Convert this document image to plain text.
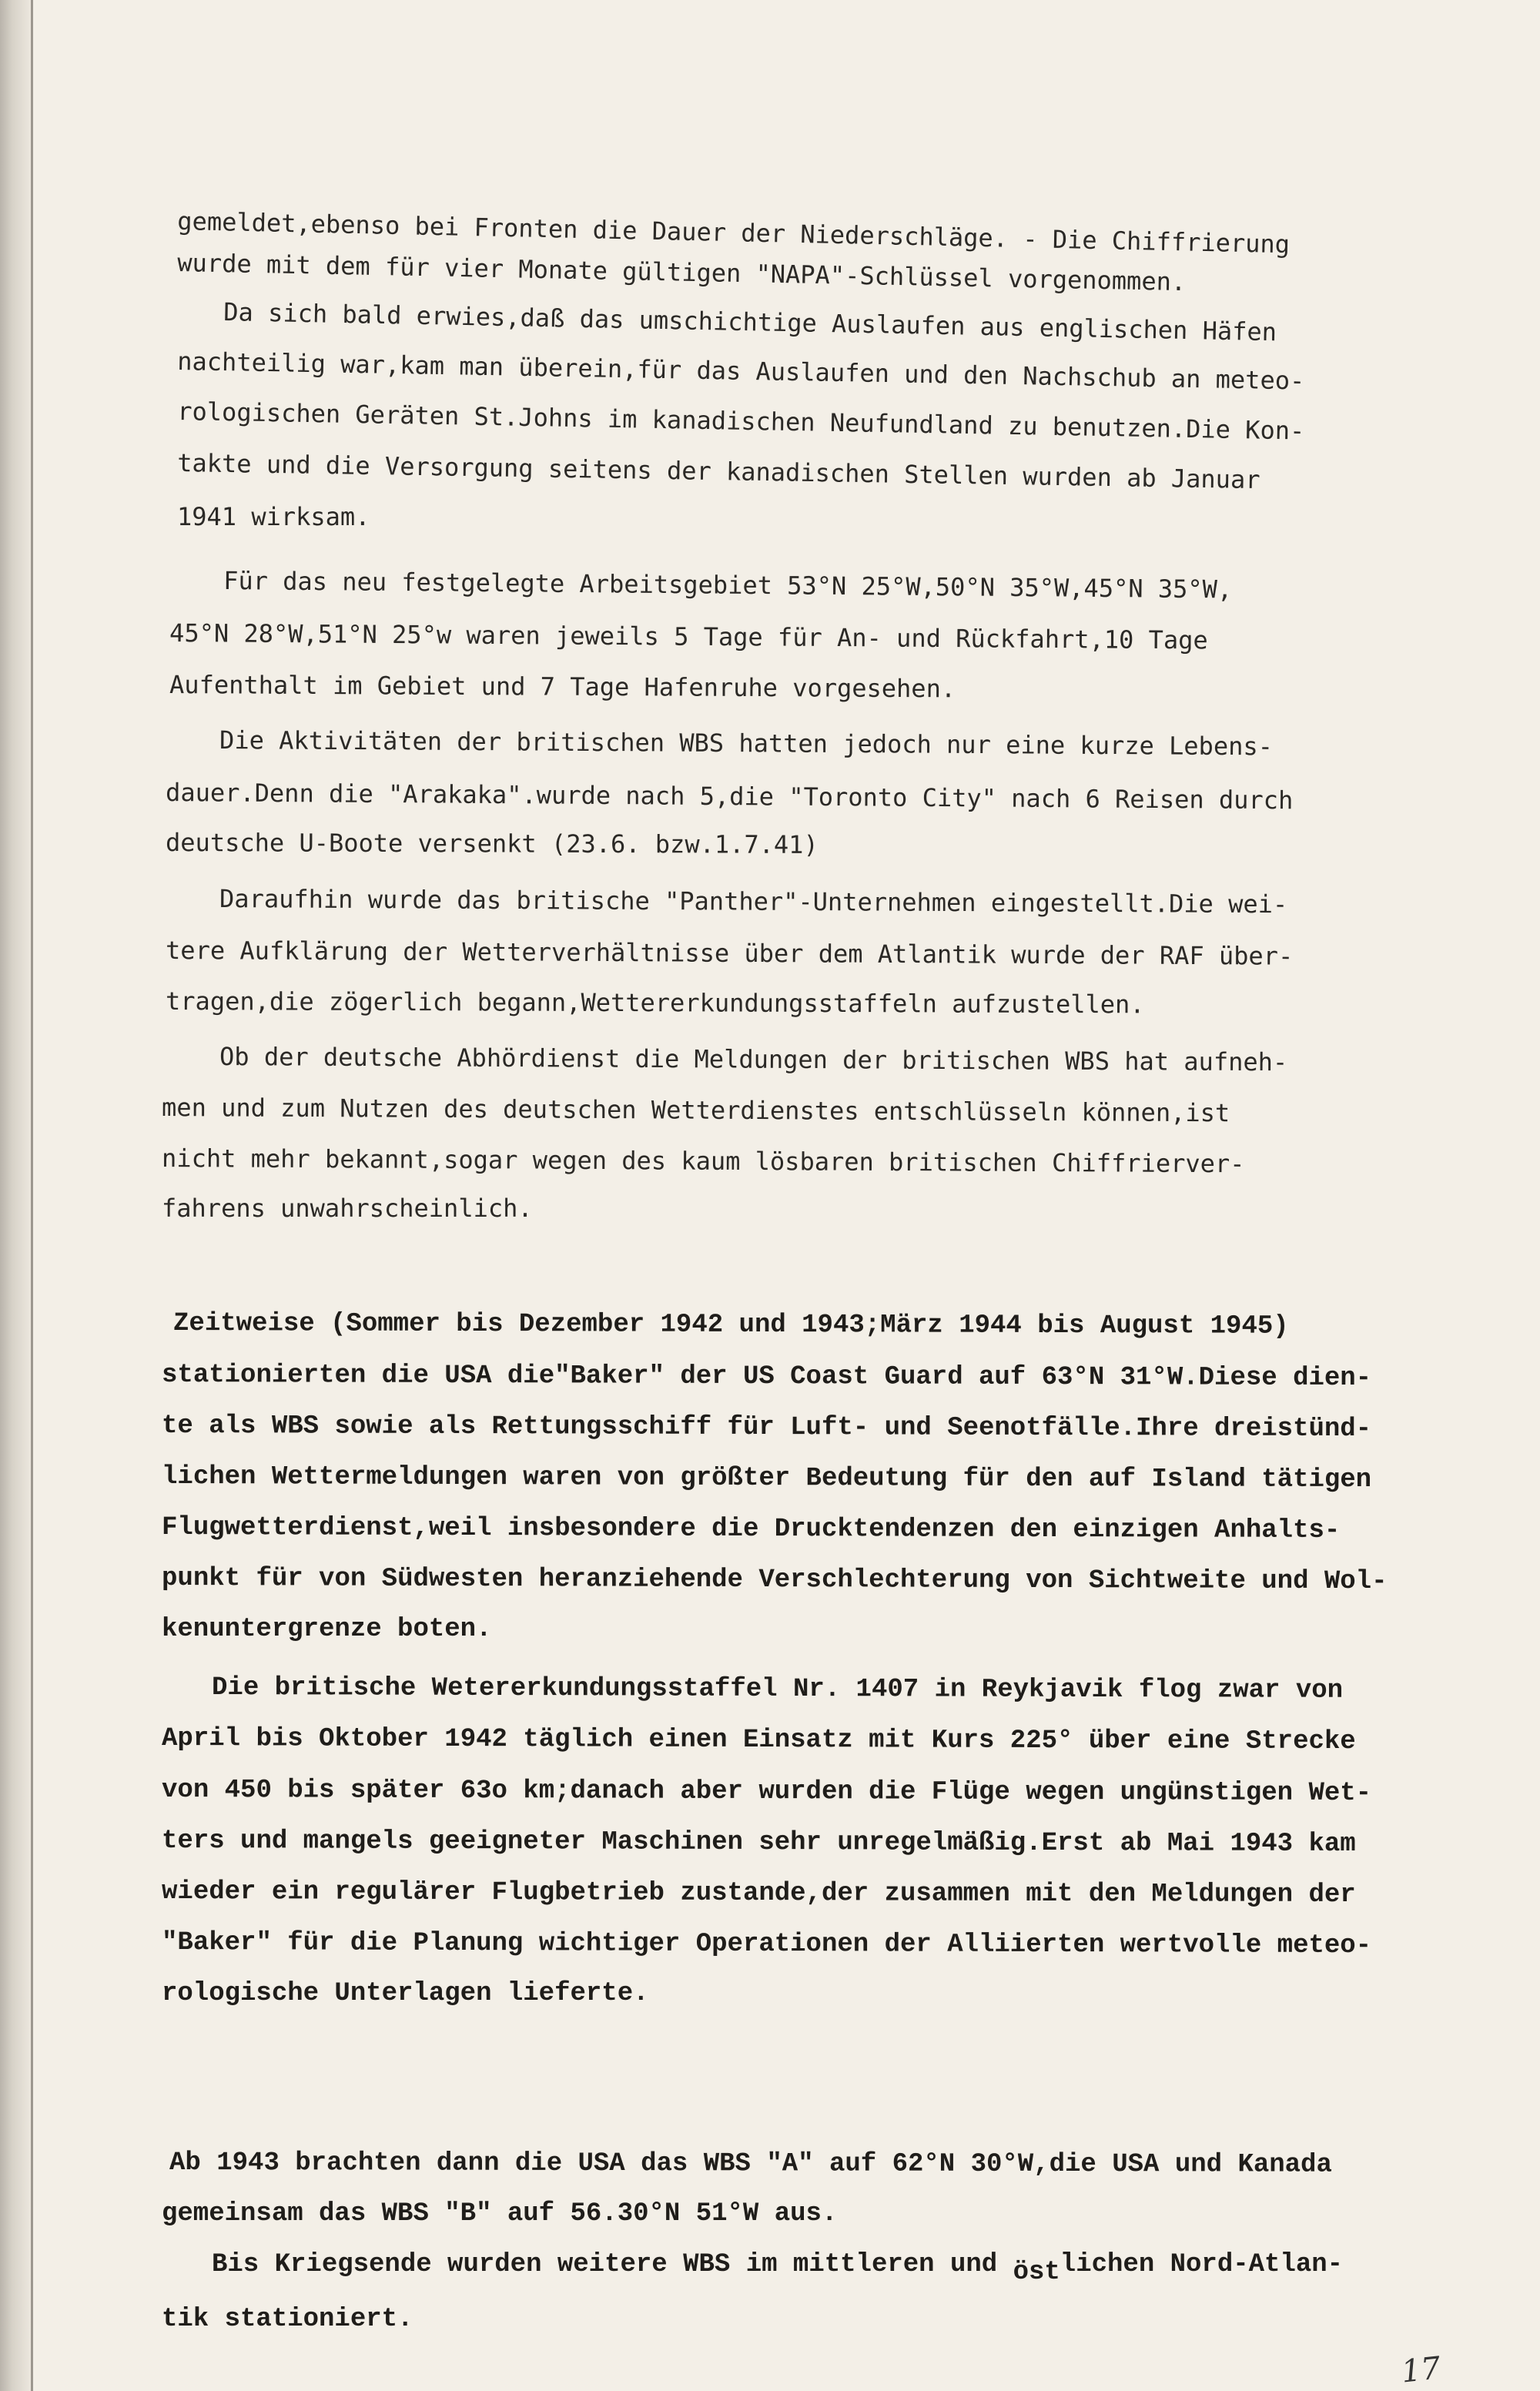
gemeldet,ebenso bei Fronten die Dauer der Niederschläge. - Die Chiffrierung
wurde mit dem für vier Monate gültigen "NAPA"-Schlüssel vorgenommen.
Da sich bald erwies,daß das umschichtige Auslaufen aus englischen Häfen
nachteilig war,kam man überein,für das Auslaufen und den Nachschub an meteo-
rologischen Geräten St.Johns im kanadischen Neufundland zu benutzen.Die Kon-
takte und die Versorgung seitens der kanadischen Stellen wurden ab Januar
1941 wirksam.
Für das neu festgelegte Arbeitsgebiet 53°N 25°W,50°N 35°W,45°N 35°W,
45°N 28°W,51°N 25°w waren jeweils 5 Tage für An- und Rückfahrt,10 Tage
Aufenthalt im Gebiet und 7 Tage Hafenruhe vorgesehen.
Die Aktivitäten der britischen WBS hatten jedoch nur eine kurze Lebens-
dauer.Denn die "Arakaka".wurde nach 5,die "Toronto City" nach 6 Reisen durch
deutsche U-Boote versenkt (23.6. bzw.1.7.41)
Daraufhin wurde das britische "Panther"-Unternehmen eingestellt.Die wei-
tere Aufklärung der Wetterverhältnisse über dem Atlantik wurde der RAF über-
tragen,die zögerlich begann,Wettererkundungsstaffeln aufzustellen.
Ob der deutsche Abhördienst die Meldungen der britischen WBS hat aufneh-
men und zum Nutzen des deutschen Wetterdienstes entschlüsseln können,ist
nicht mehr bekannt,sogar wegen des kaum lösbaren britischen Chiffrierver-
fahrens unwahrscheinlich.
Zeitweise (Sommer bis Dezember 1942 und 1943;März 1944 bis August 1945)
stationierten die USA die"Baker" der US Coast Guard auf 63°N 31°W.Diese dien-
te als WBS sowie als Rettungsschiff für Luft- und Seenotfälle.Ihre dreistünd-
lichen Wettermeldungen waren von größter Bedeutung für den auf Island tätigen
Flugwetterdienst,weil insbesondere die Drucktendenzen den einzigen Anhalts-
punkt für von Südwesten heranziehende Verschlechterung von Sichtweite und Wol-
kenuntergrenze boten.
Die britische Wetererkundungsstaffel Nr. 1407 in Reykjavik flog zwar von
April bis Oktober 1942 täglich einen Einsatz mit Kurs 225° über eine Strecke
von 450 bis später 63o km;danach aber wurden die Flüge wegen ungünstigen Wet-
ters und mangels geeigneter Maschinen sehr unregelmäßig.Erst ab Mai 1943 kam
wieder ein regulärer Flugbetrieb zustande,der zusammen mit den Meldungen der
"Baker" für die Planung wichtiger Operationen der Alliierten wertvolle meteo-
rologische Unterlagen lieferte.
Ab 1943 brachten dann die USA das WBS "A" auf 62°N 30°W,die USA und Kanada
gemeinsam das WBS "B" auf 56.30°N 51°W aus.
Bis Kriegsende wurden weitere WBS im mittleren und östlichen Nord-Atlan-
tik stationiert.
17
